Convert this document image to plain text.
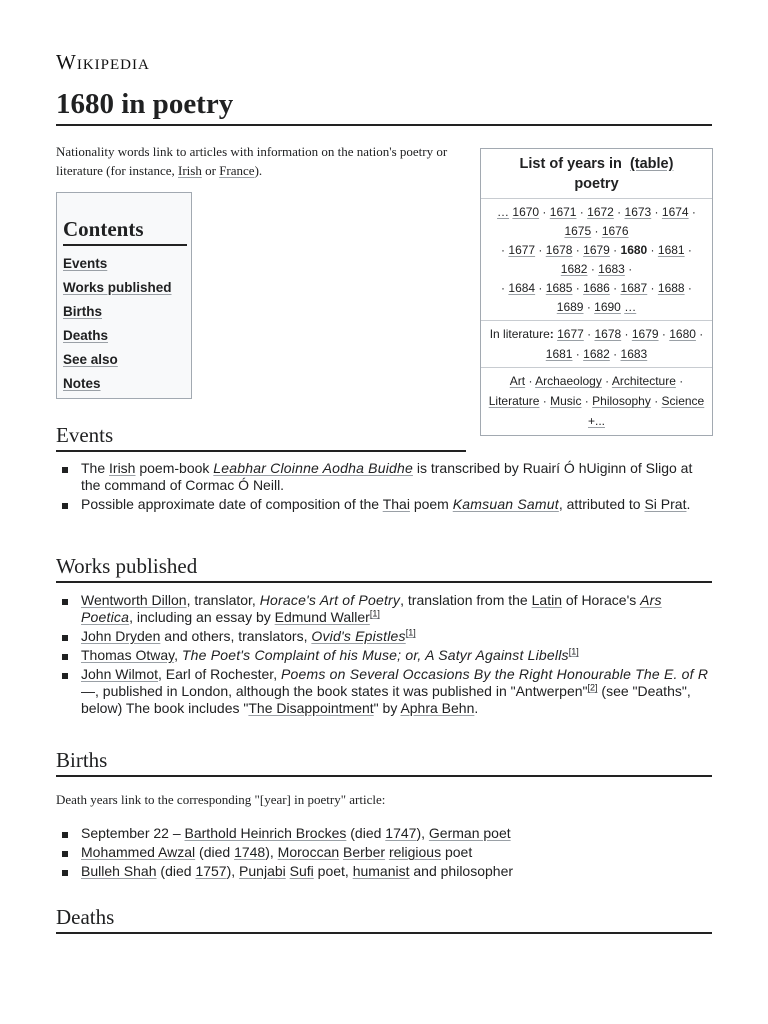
Wikipedia
1680 in poetry
Nationality words link to articles with information on the nation's poetry or literature (for instance, Irish or France).
Contents
Events
Works published
Births
Deaths
See also
Notes
List of years in (table)
poetry
… 1670 · 1671 · 1672 · 1673 · 1674 · 1675 · 1676
· 1677 · 1678 · 1679 · 1680 · 1681 · 1682 · 1683 ·
· 1684 · 1685 · 1686 · 1687 · 1688 · 1689 · 1690 …
In literature: 1677 · 1678 · 1679 · 1680 · 1681 · 1682 · 1683
Art · Archaeology · Architecture · Literature · Music · Philosophy · Science +...
Events
The Irish poem-book Leabhar Cloinne Aodha Buidhe is transcribed by Ruairí Ó hUiginn of Sligo at the command of Cormac Ó Neill.
Possible approximate date of composition of the Thai poem Kamsuan Samut, attributed to Si Prat.
Works published
Wentworth Dillon, translator, Horace's Art of Poetry, translation from the Latin of Horace's Ars Poetica, including an essay by Edmund Waller[1]
John Dryden and others, translators, Ovid's Epistles[1]
Thomas Otway, The Poet's Complaint of his Muse; or, A Satyr Against Libells[1]
John Wilmot, Earl of Rochester, Poems on Several Occasions By the Right Honourable The E. of R—, published in London, although the book states it was published in "Antwerpen"[2] (see "Deaths", below) The book includes "The Disappointment" by Aphra Behn.
Births
Death years link to the corresponding "[year] in poetry" article:
September 22 – Barthold Heinrich Brockes (died 1747), German poet
Mohammed Awzal (died 1748), Moroccan Berber religious poet
Bulleh Shah (died 1757), Punjabi Sufi poet, humanist and philosopher
Deaths
